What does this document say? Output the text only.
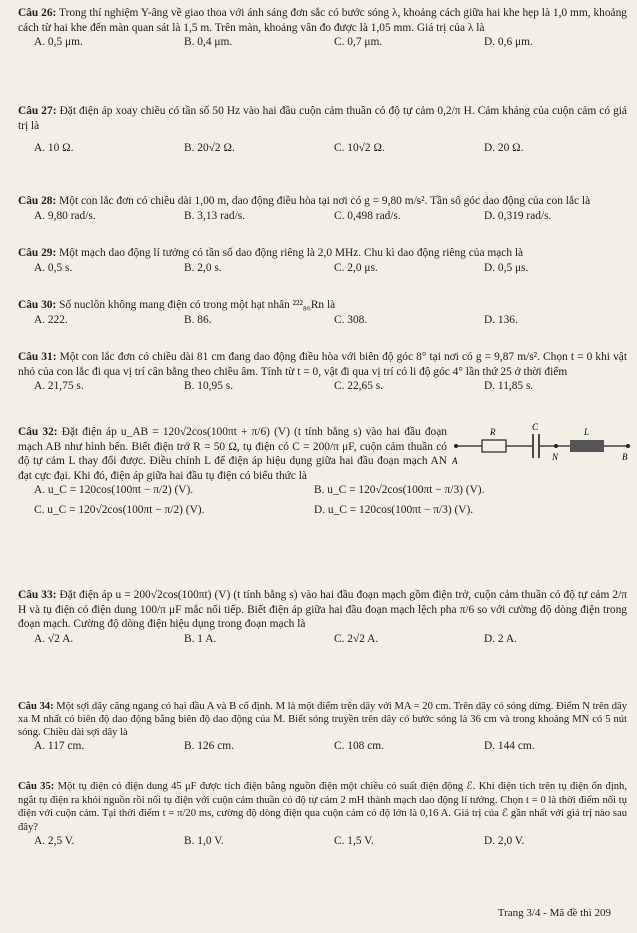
Câu 26: Trong thí nghiệm Y-âng về giao thoa với ánh sáng đơn sắc có bước sóng λ, khoảng cách giữa hai khe hẹp là 1,0 mm, khoảng cách từ hai khe đến màn quan sát là 1,5 m. Trên màn, khoảng vân đo được là 1,05 mm. Giá trị của λ là
A. 0,5 μm.	B. 0,4 μm.	C. 0,7 μm.	D. 0,6 μm.
Câu 27: Đặt điện áp xoay chiều có tần số 50 Hz vào hai đầu cuộn cảm thuần có độ tự cảm 0,2/π H. Cảm kháng của cuộn cảm có giá trị là
A. 10 Ω.	B. 20√2 Ω.	C. 10√2 Ω.	D. 20 Ω.
Câu 28: Một con lắc đơn có chiều dài 1,00 m, dao động điều hòa tại nơi có g = 9,80 m/s². Tần số góc dao động của con lắc là
A. 9,80 rad/s.	B. 3,13 rad/s.	C. 0,498 rad/s.	D. 0,319 rad/s.
Câu 29: Một mạch dao động lí tưởng có tần số dao động riêng là 2,0 MHz. Chu kì dao động riêng của mạch là
A. 0,5 s.	B. 2,0 s.	C. 2,0 μs.	D. 0,5 μs.
Câu 30: Số nuclôn không mang điện có trong một hạt nhân ²²²₈₆Rn là
A. 222.	B. 86.	C. 308.	D. 136.
Câu 31: Một con lắc đơn có chiều dài 81 cm đang dao động điều hòa với biên độ góc 8° tại nơi có g = 9,87 m/s². Chọn t = 0 khi vật nhỏ của con lắc đi qua vị trí cân bằng theo chiều âm. Tính từ t = 0, vật đi qua vị trí có li độ góc 4° lần thứ 25 ở thời điểm
A. 21,75 s.	B. 10,95 s.	C. 22,65 s.	D. 11,85 s.
Câu 32: Đặt điện áp u_AB = 120√2cos(100πt + π/6) (V) (t tính bằng s) vào hai đầu đoạn mạch AB như hình bên. Biết điện trở R = 50 Ω, tụ điện có C = 200/π μF, cuộn cảm thuần có độ tự cảm L thay đổi được. Điều chỉnh L để điện áp hiệu dụng giữa hai đầu đoạn mạch AN đạt cực đại. Khi đó, điện áp giữa hai đầu tụ điện có biểu thức là
A. u_C = 120cos(100πt − π/2) (V).	B. u_C = 120√2cos(100πt − π/3) (V).
C. u_C = 120√2cos(100πt − π/2) (V).	D. u_C = 120cos(100πt − π/3) (V).
A
R	C
N
L
B
Câu 33: Đặt điện áp u = 200√2cos(100πt) (V) (t tính bằng s) vào hai đầu đoạn mạch gồm điện trở, cuộn cảm thuần có độ tự cảm 2/π H và tụ điện có điện dung 100/π μF mắc nối tiếp. Biết điện áp giữa hai đầu đoạn mạch lệch pha π/6 so với cường độ dòng điện trong đoạn mạch. Cường độ dòng điện hiệu dụng trong đoạn mạch là
A. √2 A.	B. 1 A.	C. 2√2 A.	D. 2 A.
Câu 34: Một sợi dây căng ngang có hai đầu A và B cố định. M là một điểm trên dây với MA = 20 cm. Trên dây có sóng dừng. Điểm N trên dây xa M nhất có biên độ dao động bằng biên độ dao động của M. Biết sóng truyền trên dây có bước sóng là 36 cm và trong khoảng MN có 5 nút sóng. Chiều dài sợi dây là
A. 117 cm.	B. 126 cm.	C. 108 cm.	D. 144 cm.
Câu 35: Một tụ điện có điện dung 45 μF được tích điện bằng nguồn điện một chiều có suất điện động ℰ. Khi điện tích trên tụ điện ổn định, ngắt tụ điện ra khỏi nguồn rồi nối tụ điện với cuộn cảm thuần có độ tự cảm 2 mH thành mạch dao động lí tưởng. Chọn t = 0 là thời điểm nối tụ điện với cuộn cảm. Tại thời điểm t = π/20 ms, cường độ dòng điện qua cuộn cảm có độ lớn là 0,16 A. Giá trị của ℰ gần nhất với giá trị nào sau đây?
A. 2,5 V.	B. 1,0 V.	C. 1,5 V.	D. 2,0 V.
Trang 3/4 - Mã đề thi 209
